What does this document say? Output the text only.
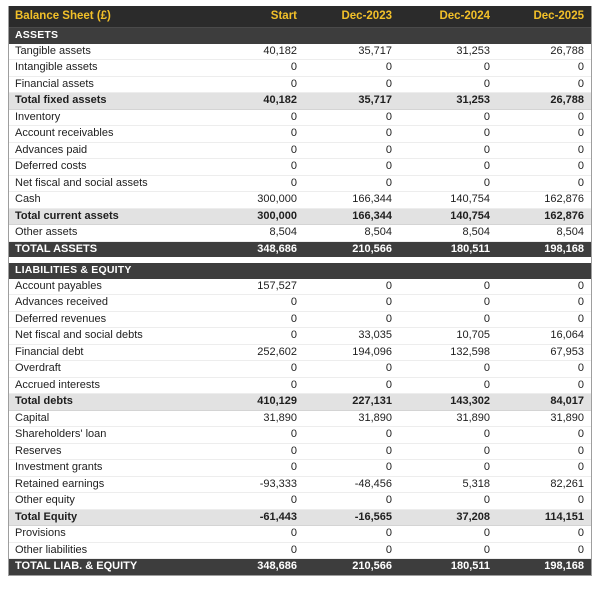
Balance Sheet (£)	Start	Dec-2023	Dec-2024	Dec-2025
ASSETS				
Tangible assets	40,182	35,717	31,253	26,788
Intangible assets	0	0	0	0
Financial assets	0	0	0	0
Total fixed assets	40,182	35,717	31,253	26,788
Inventory	0	0	0	0
Account receivables	0	0	0	0
Advances paid	0	0	0	0
Deferred costs	0	0	0	0
Net fiscal and social assets	0	0	0	0
Cash	300,000	166,344	140,754	162,876
Total current assets	300,000	166,344	140,754	162,876
Other assets	8,504	8,504	8,504	8,504
TOTAL ASSETS	348,686	210,566	180,511	198,168

LIABILITIES & EQUITY				
Account payables	157,527	0	0	0
Advances received	0	0	0	0
Deferred revenues	0	0	0	0
Net fiscal and social debts	0	33,035	10,705	16,064
Financial debt	252,602	194,096	132,598	67,953
Overdraft	0	0	0	0
Accrued interests	0	0	0	0
Total debts	410,129	227,131	143,302	84,017
Capital	31,890	31,890	31,890	31,890
Shareholders' loan	0	0	0	0
Reserves	0	0	0	0
Investment grants	0	0	0	0
Retained earnings	-93,333	-48,456	5,318	82,261
Other equity	0	0	0	0
Total Equity	-61,443	-16,565	37,208	114,151
Provisions	0	0	0	0
Other liabilities	0	0	0	0
TOTAL LIAB. & EQUITY	348,686	210,566	180,511	198,168
